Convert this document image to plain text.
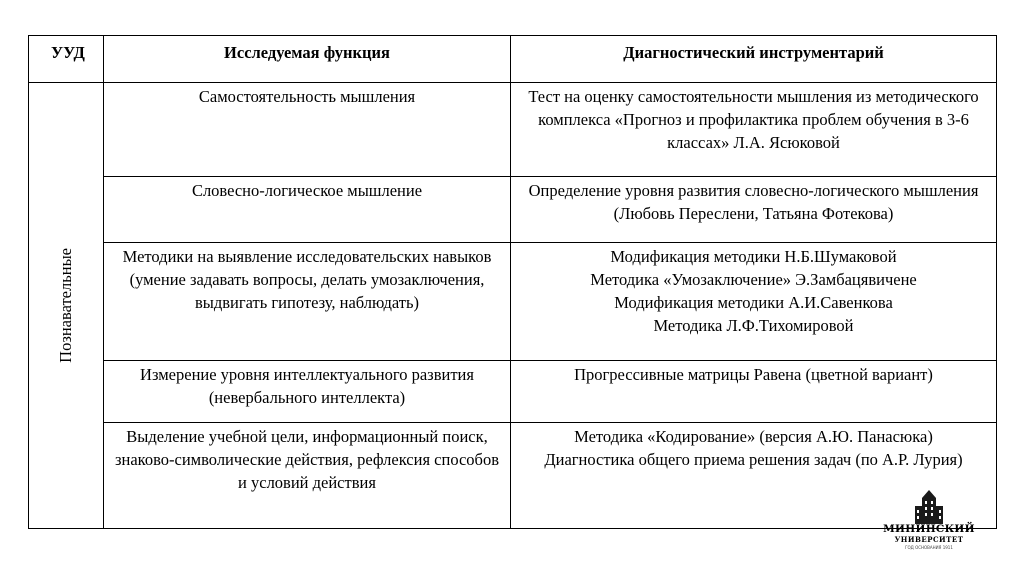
УУД	Исследуемая функция	Диагностический инструментарий

Познавательные	Самостоятельность мышления	Тест на оценку самостоятельности мышления из методического комплекса «Прогноз и профилактика проблем обучения в 3-6 классах» Л.А. Ясюковой

	Словесно-логическое мышление	Определение уровня развития словесно-логического мышления (Любовь Переслени, Татьяна Фотекова)

	Методики на выявление исследовательских навыков (умение задавать вопросы, делать умозаключения, выдвигать гипотезу, наблюдать)	Модификация методики Н.Б.Шумаковой
Методика «Умозаключение» Э.Замбацявичене
Модификация методики А.И.Савенкова
Методика Л.Ф.Тихомировой

	Измерение уровня интеллектуального развития (невербального интеллекта)	Прогрессивные матрицы Равена (цветной вариант)

	Выделение учебной цели, информационный поиск, знаково-символические действия, рефлексия способов и условий действия	Методика «Кодирование» (версия А.Ю. Панасюка)
Диагностика общего приема решения задач (по А.Р. Лурия)
МИНИНСКИЙ
УНИВЕРСИТЕТ
ГОД ОСНОВАНИЯ 1911
